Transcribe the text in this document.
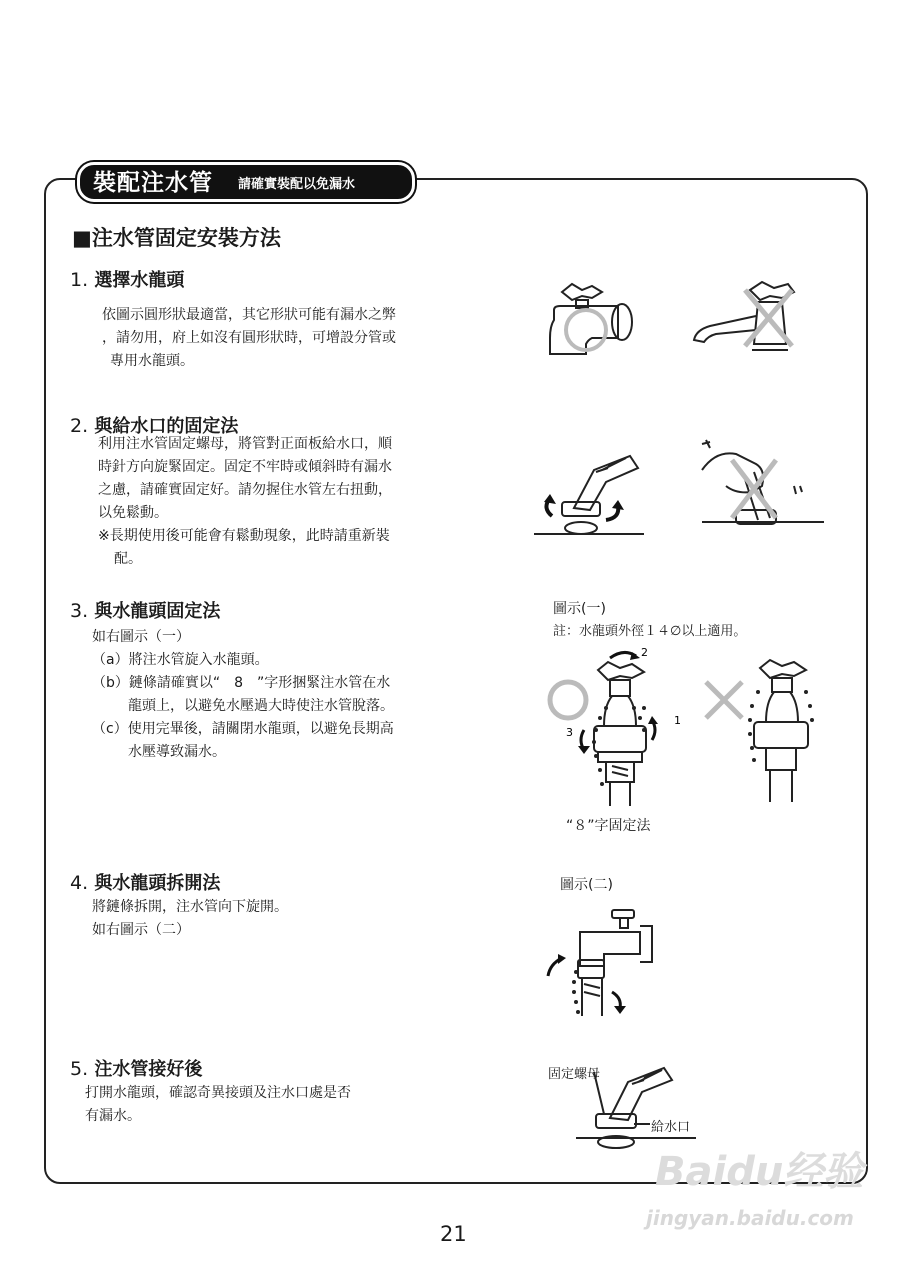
裝配注水管 請確實裝配以免漏水
■注水管固定安裝方法
1. 選擇水龍頭
依圖示圓形狀最適當，其它形狀可能有漏水之弊
，請勿用，府上如沒有圓形狀時，可增設分管或
專用水龍頭。
2. 與給水口的固定法
利用注水管固定螺母，將管對正面板給水口，順
時針方向旋緊固定。固定不牢時或傾斜時有漏水
之慮，請確實固定好。請勿握住水管左右扭動，
以免鬆動。
※長期使用後可能會有鬆動現象，此時請重新裝
配。
3. 與水龍頭固定法
如右圖示（一）
（a）將注水管旋入水龍頭。
（b）鏈條請確實以“　8　”字形捆緊注水管在水
龍頭上，以避免水壓過大時使注水管脫落。
（c）使用完畢後，請關閉水龍頭，以避免長期高
水壓導致漏水。
4. 與水龍頭拆開法
將鏈條拆開，注水管向下旋開。
如右圖示（二）
5. 注水管接好後
打開水龍頭，確認奇異接頭及注水口處是否
有漏水。
圖示(一)
註：水龍頭外徑１４∅以上適用。
2
1
3
“８”字固定法
圖示(二)
固定螺母
給水口
Baidu经验
jingyan.baidu.com
21
